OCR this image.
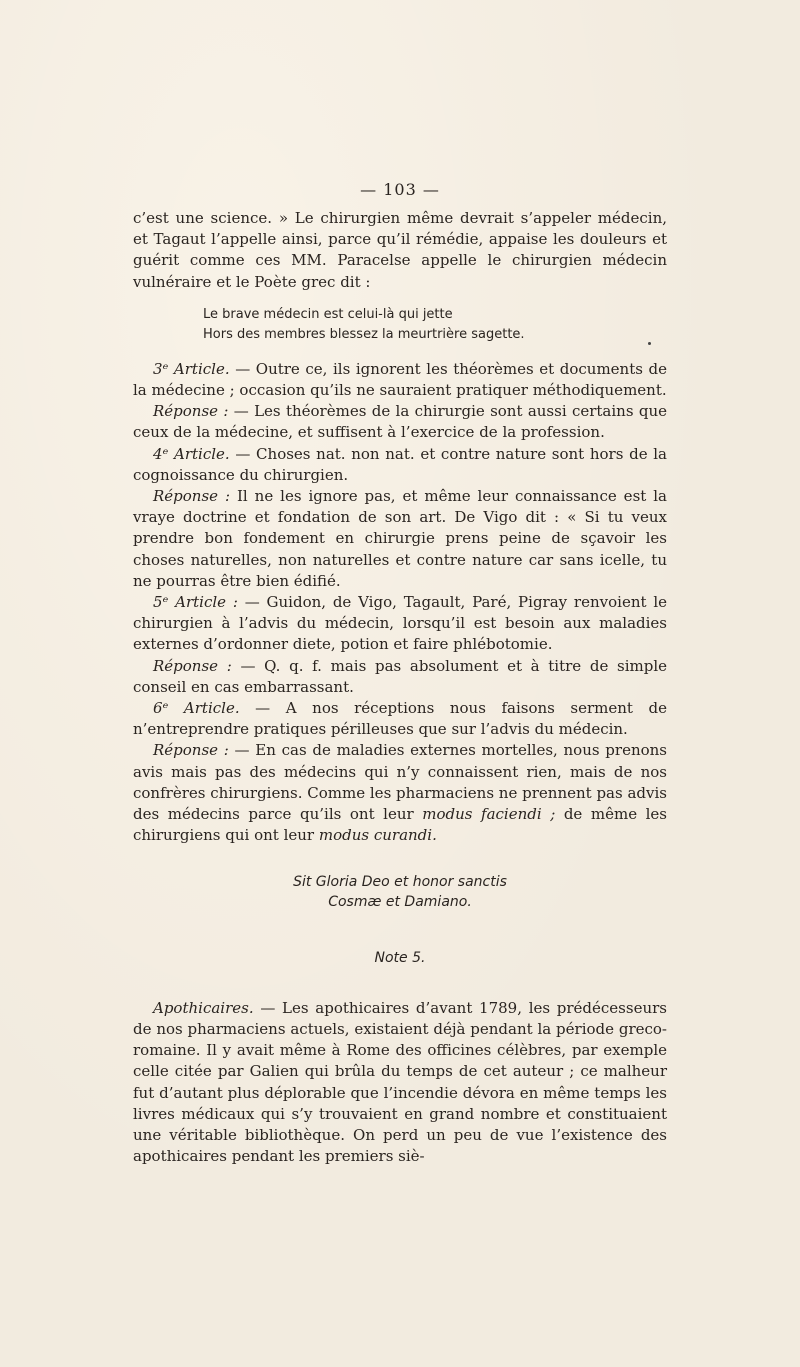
— 103 —

c’est une science. » Le chirurgien même devrait s’appeler médecin, et Tagaut l’appelle ainsi, parce qu’il rémédie, appaise les douleurs et guérit comme ces MM. Paracelse appelle le chirurgien médecin vulnéraire et le Poète grec dit :

Le brave médecin est celui-là qui jette
Hors des membres blessez la meurtrière sagette.

3ᵉ Article. — Outre ce, ils ignorent les théorèmes et documents de la médecine ; occasion qu’ils ne sauraient pratiquer méthodiquement.

Réponse : — Les théorèmes de la chirurgie sont aussi certains que ceux de la médecine, et suffisent à l’exercice de la profession.

4ᵉ Article. — Choses nat. non nat. et contre nature sont hors de la cognoissance du chirurgien.

Réponse : Il ne les ignore pas, et même leur connaissance est la vraye doctrine et fondation de son art. De Vigo dit : « Si tu veux prendre bon fondement en chirurgie prens peine de sçavoir les choses naturelles, non naturelles et contre nature car sans icelle, tu ne pourras être bien édifié.

5ᵉ Article : — Guidon, de Vigo, Tagault, Paré, Pigray renvoient le chirurgien à l’advis du médecin, lorsqu’il est besoin aux maladies externes d’ordonner diete, potion et faire phlébotomie.

Réponse : — Q. q. f. mais pas absolument et à titre de simple conseil en cas embarrassant.

6ᵉ Article. — A nos réceptions nous faisons serment de n’entreprendre pratiques périlleuses que sur l’advis du médecin.

Réponse : — En cas de maladies externes mortelles, nous prenons avis mais pas des médecins qui n’y connaissent rien, mais de nos confrères chirurgiens. Comme les pharmaciens ne prennent pas advis des médecins parce qu’ils ont leur modus faciendi ; de même les chirurgiens qui ont leur modus curandi.

Sit Gloria Deo et honor sanctis
Cosmæ et Damiano.

Note 5.

Apothicaires. — Les apothicaires d’avant 1789, les prédécesseurs de nos pharmaciens actuels, existaient déjà pendant la période greco-romaine. Il y avait même à Rome des officines célèbres, par exemple celle citée par Galien qui brûla du temps de cet auteur ; ce malheur fut d’autant plus déplorable que l’incendie dévora en même temps les livres médicaux qui s’y trouvaient en grand nombre et constituaient une véritable bibliothèque. On perd un peu de vue l’existence des apothicaires pendant les premiers siè-
